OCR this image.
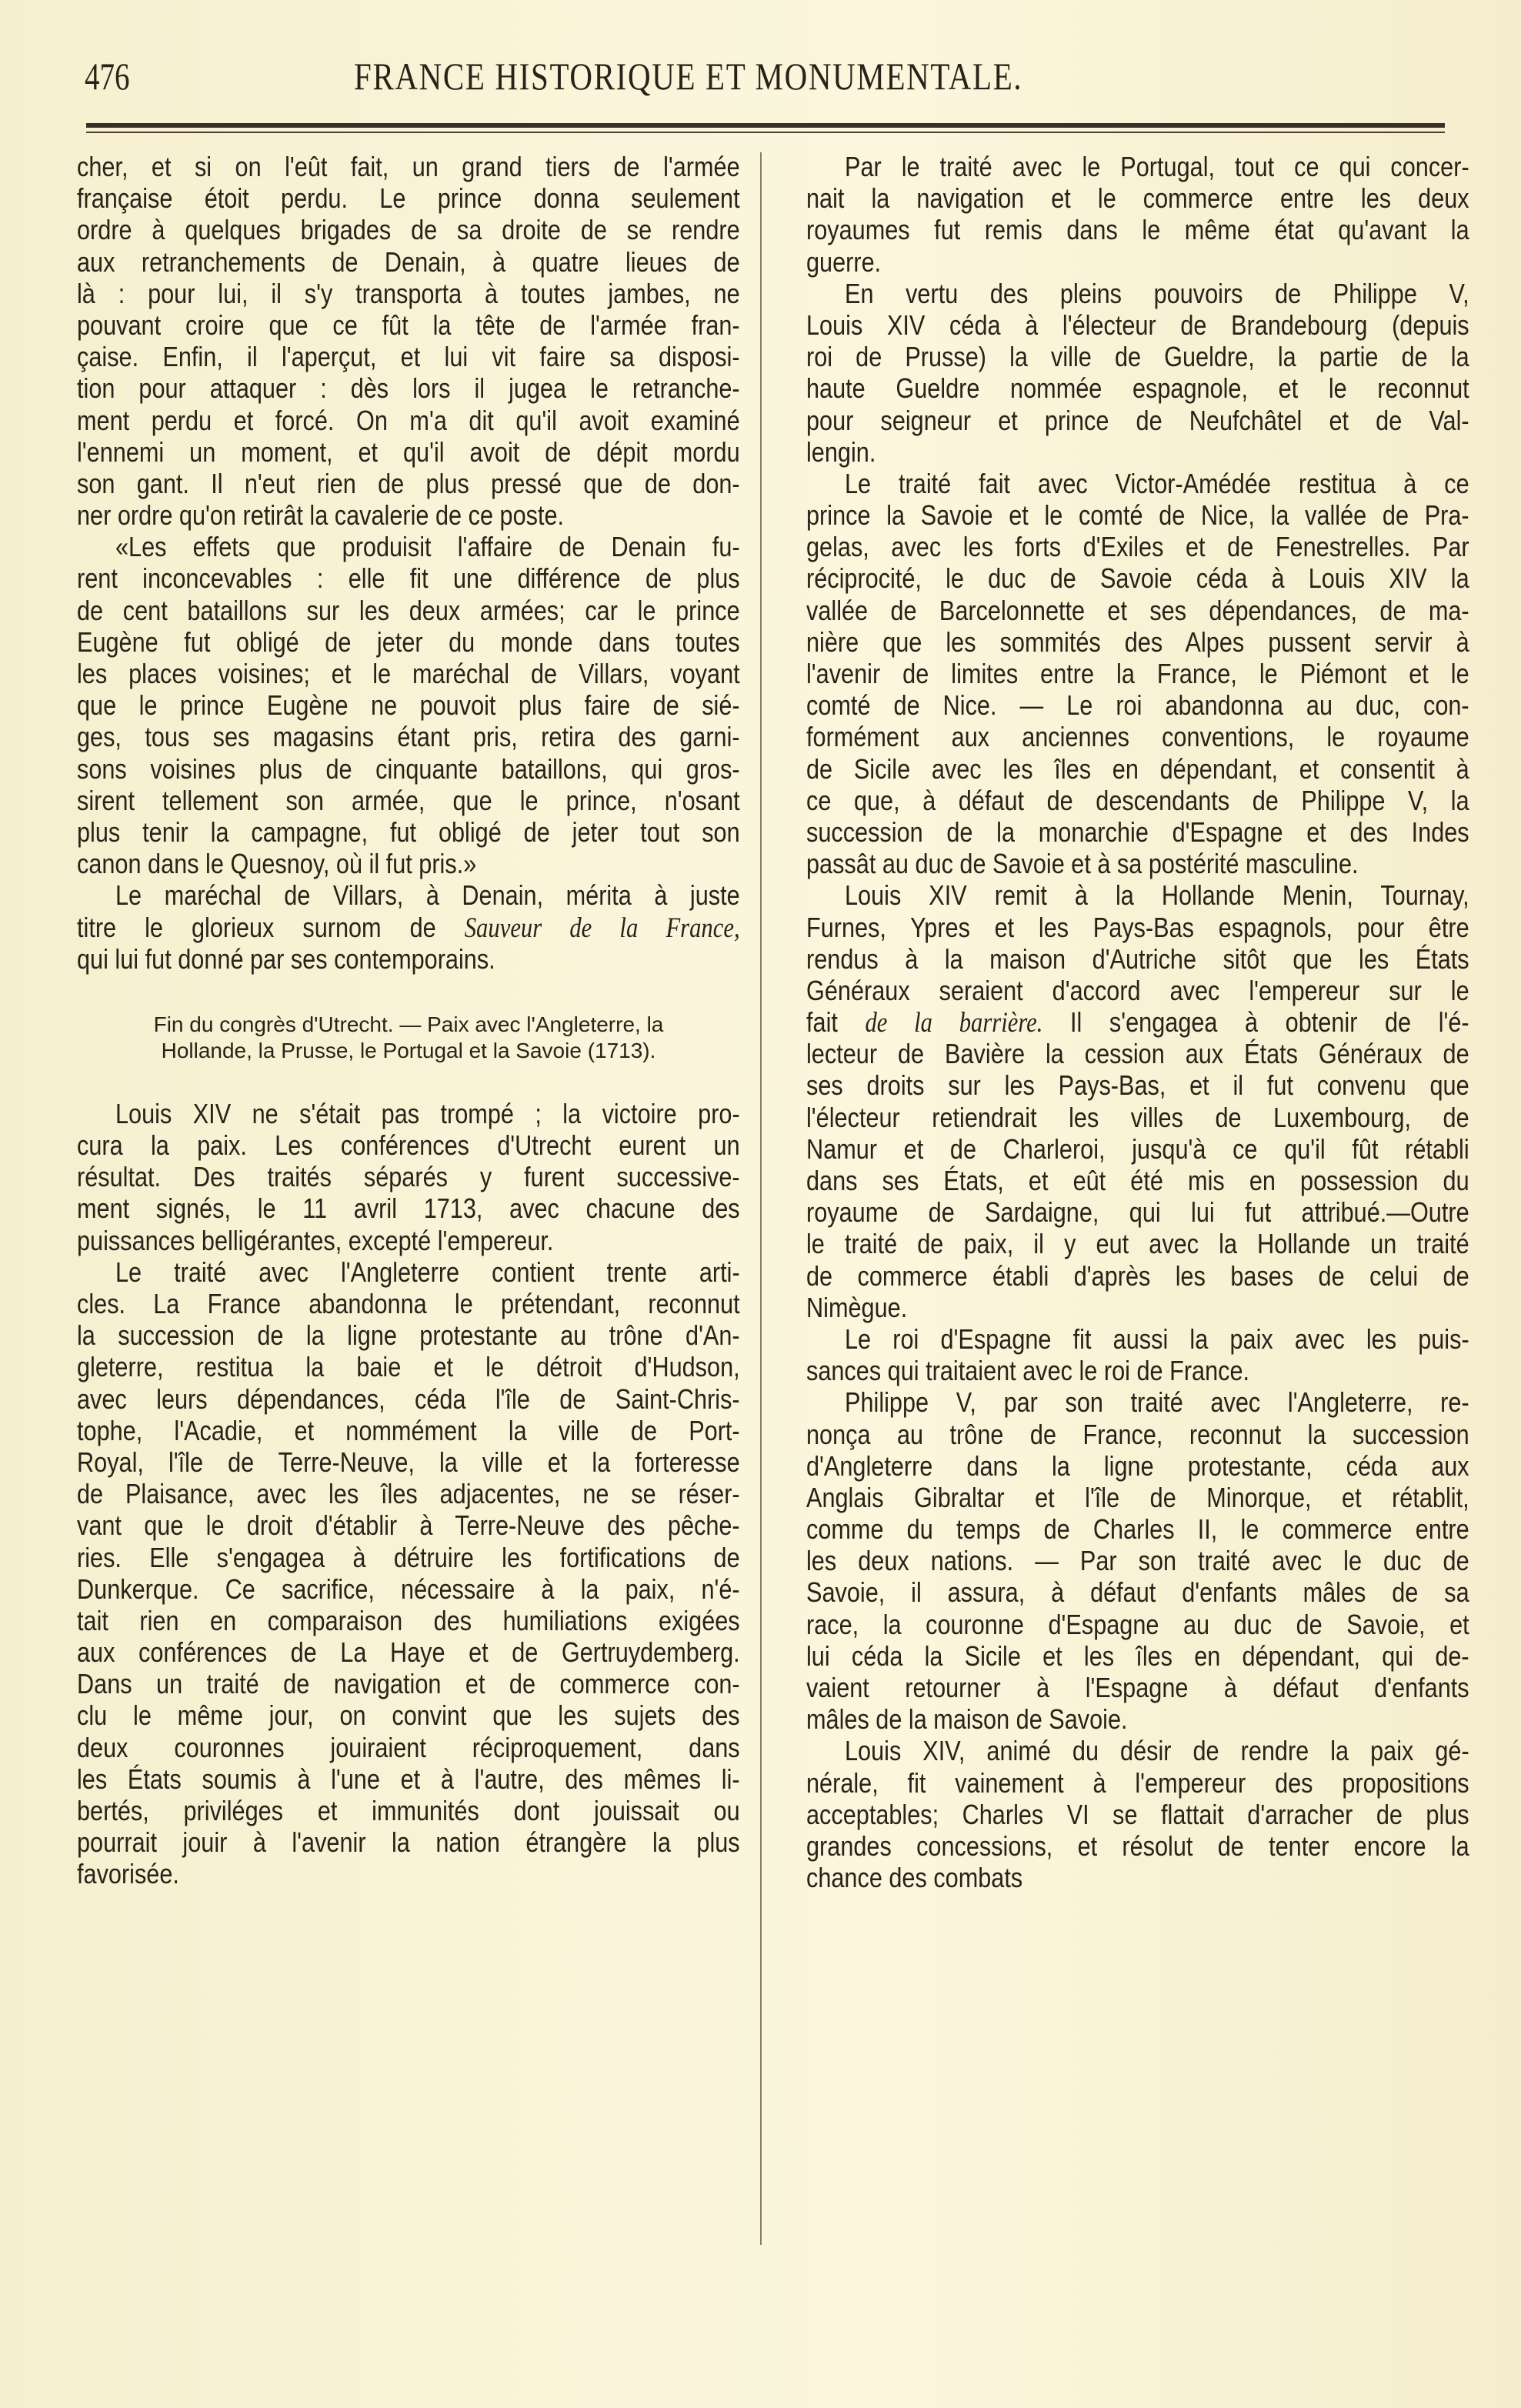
476	FRANCE HISTORIQUE ET MONUMENTALE.
cher, et si on l'eût fait, un grand tiers de l'armée
française étoit perdu. Le prince donna seulement
ordre à quelques brigades de sa droite de se rendre
aux retranchements de Denain, à quatre lieues de
là : pour lui, il s'y transporta à toutes jambes, ne
pouvant croire que ce fût la tête de l'armée fran-
çaise. Enfin, il l'aperçut, et lui vit faire sa disposi-
tion pour attaquer : dès lors il jugea le retranche-
ment perdu et forcé. On m'a dit qu'il avoit examiné
l'ennemi un moment, et qu'il avoit de dépit mordu
son gant. Il n'eut rien de plus pressé que de don-
ner ordre qu'on retirât la cavalerie de ce poste.
«Les effets que produisit l'affaire de Denain fu-
rent inconcevables : elle fit une différence de plus
de cent bataillons sur les deux armées; car le prince
Eugène fut obligé de jeter du monde dans toutes
les places voisines; et le maréchal de Villars, voyant
que le prince Eugène ne pouvoit plus faire de sié-
ges, tous ses magasins étant pris, retira des garni-
sons voisines plus de cinquante bataillons, qui gros-
sirent tellement son armée, que le prince, n'osant
plus tenir la campagne, fut obligé de jeter tout son
canon dans le Quesnoy, où il fut pris.»
Le maréchal de Villars, à Denain, mérita à juste
titre le glorieux surnom de Sauveur de la France,
qui lui fut donné par ses contemporains.
Fin du congrès d'Utrecht. — Paix avec l'Angleterre, la
Hollande, la Prusse, le Portugal et la Savoie (1713).
Louis XIV ne s'était pas trompé ; la victoire pro-
cura la paix. Les conférences d'Utrecht eurent un
résultat. Des traités séparés y furent successive-
ment signés, le 11 avril 1713, avec chacune des
puissances belligérantes, excepté l'empereur.
Le traité avec l'Angleterre contient trente arti-
cles. La France abandonna le prétendant, reconnut
la succession de la ligne protestante au trône d'An-
gleterre, restitua la baie et le détroit d'Hudson,
avec leurs dépendances, céda l'île de Saint-Chris-
tophe, l'Acadie, et nommément la ville de Port-
Royal, l'île de Terre-Neuve, la ville et la forteresse
de Plaisance, avec les îles adjacentes, ne se réser-
vant que le droit d'établir à Terre-Neuve des pêche-
ries. Elle s'engagea à détruire les fortifications de
Dunkerque. Ce sacrifice, nécessaire à la paix, n'é-
tait rien en comparaison des humiliations exigées
aux conférences de La Haye et de Gertruydemberg.
Dans un traité de navigation et de commerce con-
clu le même jour, on convint que les sujets des
deux couronnes jouiraient réciproquement, dans
les États soumis à l'une et à l'autre, des mêmes li-
bertés, priviléges et immunités dont jouissait ou
pourrait jouir à l'avenir la nation étrangère la plus
favorisée.
Par le traité avec le Portugal, tout ce qui concer-
nait la navigation et le commerce entre les deux
royaumes fut remis dans le même état qu'avant la
guerre.
En vertu des pleins pouvoirs de Philippe V,
Louis XIV céda à l'électeur de Brandebourg (depuis
roi de Prusse) la ville de Gueldre, la partie de la
haute Gueldre nommée espagnole, et le reconnut
pour seigneur et prince de Neufchâtel et de Val-
lengin.
Le traité fait avec Victor-Amédée restitua à ce
prince la Savoie et le comté de Nice, la vallée de Pra-
gelas, avec les forts d'Exiles et de Fenestrelles. Par
réciprocité, le duc de Savoie céda à Louis XIV la
vallée de Barcelonnette et ses dépendances, de ma-
nière que les sommités des Alpes pussent servir à
l'avenir de limites entre la France, le Piémont et le
comté de Nice. — Le roi abandonna au duc, con-
formément aux anciennes conventions, le royaume
de Sicile avec les îles en dépendant, et consentit à
ce que, à défaut de descendants de Philippe V, la
succession de la monarchie d'Espagne et des Indes
passât au duc de Savoie et à sa postérité masculine.
Louis XIV remit à la Hollande Menin, Tournay,
Furnes, Ypres et les Pays-Bas espagnols, pour être
rendus à la maison d'Autriche sitôt que les États
Généraux seraient d'accord avec l'empereur sur le
fait de la barrière. Il s'engagea à obtenir de l'é-
lecteur de Bavière la cession aux États Généraux de
ses droits sur les Pays-Bas, et il fut convenu que
l'électeur retiendrait les villes de Luxembourg, de
Namur et de Charleroi, jusqu'à ce qu'il fût rétabli
dans ses États, et eût été mis en possession du
royaume de Sardaigne, qui lui fut attribué.—Outre
le traité de paix, il y eut avec la Hollande un traité
de commerce établi d'après les bases de celui de
Nimègue.
Le roi d'Espagne fit aussi la paix avec les puis-
sances qui traitaient avec le roi de France.
Philippe V, par son traité avec l'Angleterre, re-
nonça au trône de France, reconnut la succession
d'Angleterre dans la ligne protestante, céda aux
Anglais Gibraltar et l'île de Minorque, et rétablit,
comme du temps de Charles II, le commerce entre
les deux nations. — Par son traité avec le duc de
Savoie, il assura, à défaut d'enfants mâles de sa
race, la couronne d'Espagne au duc de Savoie, et
lui céda la Sicile et les îles en dépendant, qui de-
vaient retourner à l'Espagne à défaut d'enfants
mâles de la maison de Savoie.
Louis XIV, animé du désir de rendre la paix gé-
nérale, fit vainement à l'empereur des propositions
acceptables; Charles VI se flattait d'arracher de plus
grandes concessions, et résolut de tenter encore la
chance des combats
